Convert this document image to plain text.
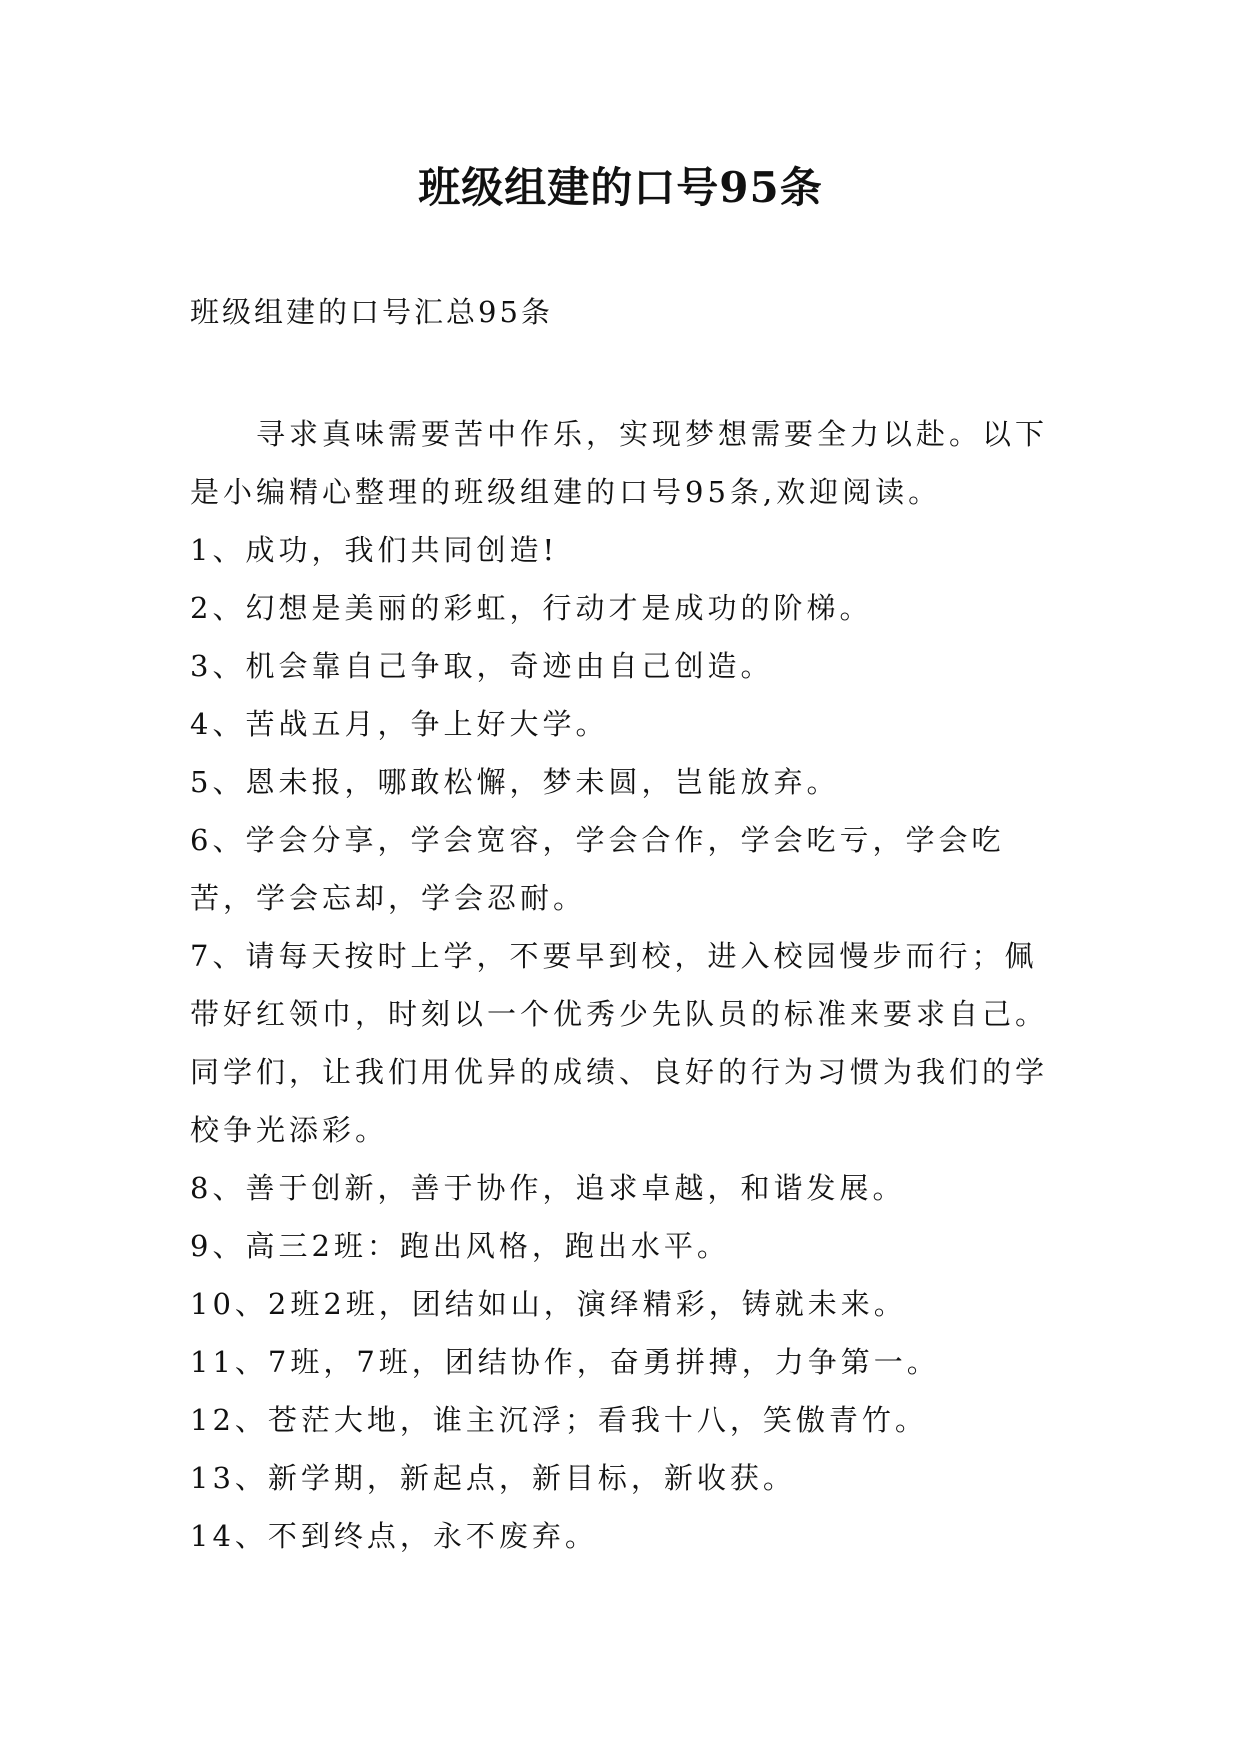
班级组建的口号95条
班级组建的口号汇总95条

寻求真味需要苦中作乐，实现梦想需要全力以赴。以下是小编精心整理的班级组建的口号95条,欢迎阅读。

1、成功，我们共同创造!

2、幻想是美丽的彩虹，行动才是成功的阶梯。

3、机会靠自己争取，奇迹由自己创造。

4、苦战五月，争上好大学。

5、恩未报，哪敢松懈，梦未圆，岂能放弃。

6、学会分享，学会宽容，学会合作，学会吃亏，学会吃苦，学会忘却，学会忍耐。

7、请每天按时上学，不要早到校，进入校园慢步而行；佩带好红领巾，时刻以一个优秀少先队员的标准来要求自己。同学们，让我们用优异的成绩、良好的行为习惯为我们的学校争光添彩。

8、善于创新，善于协作，追求卓越，和谐发展。

9、高三2班：跑出风格，跑出水平。

10、2班2班，团结如山，演绎精彩，铸就未来。

11、7班，7班，团结协作，奋勇拼搏，力争第一。

12、苍茫大地，谁主沉浮；看我十八，笑傲青竹。

13、新学期，新起点，新目标，新收获。

14、不到终点，永不废弃。
